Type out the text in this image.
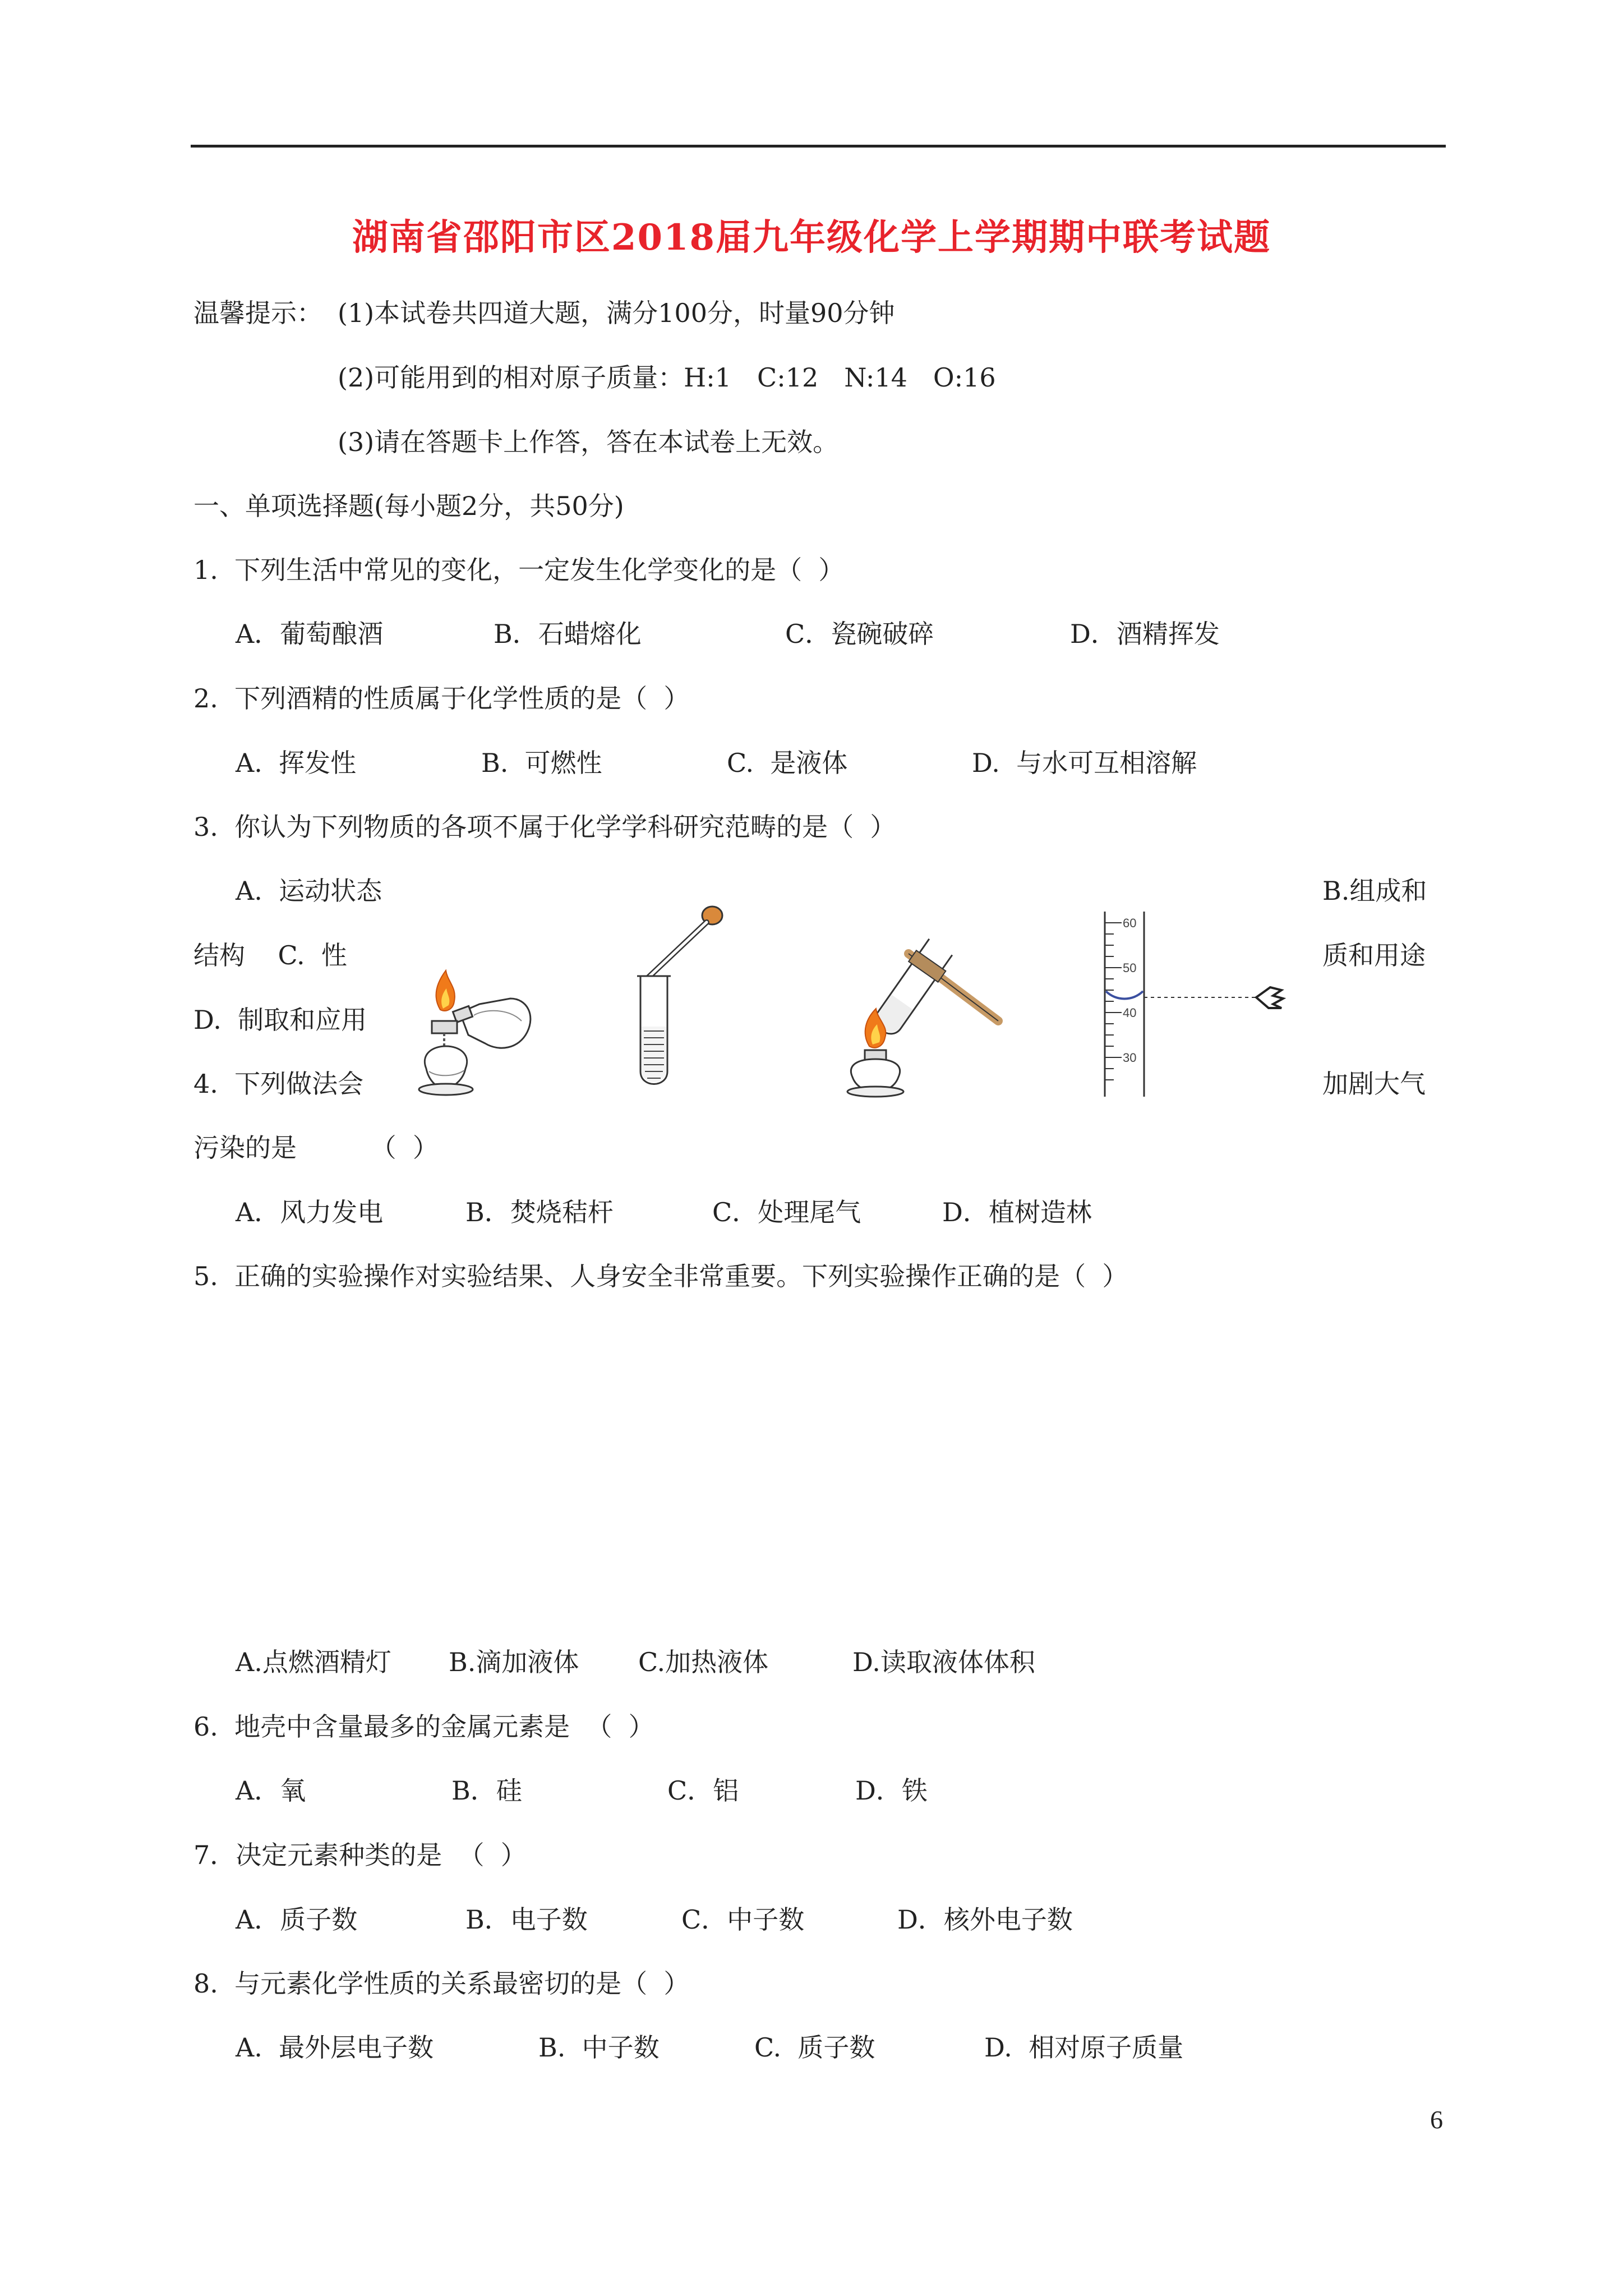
湖南省邵阳市区2018届九年级化学上学期期中联考试题
温馨提示： (1)本试卷共四道大题，满分100分，时量90分钟
(2)可能用到的相对原子质量：H:1　C:12　N:14　O:16
(3)请在答题卡上作答，答在本试卷上无效。
一、单项选择题(每小题2分，共50分)
1.  下列生活中常见的变化，一定发生化学变化的是（  ）
A．葡萄酿酒	B．石蜡熔化	C．瓷碗破碎	D．酒精挥发
2.  下列酒精的性质属于化学性质的是（  ）
A.  挥发性	B.  可燃性	C.  是液体	D.  与水可互相溶解
3.  你认为下列物质的各项不属于化学学科研究范畴的是（  ）
A.  运动状态	B.组成和
结构    C.  性	质和用途
D.  制取和应用
4.  下列做法会	加剧大气
污染的是         （  ）
A．风力发电	B．焚烧秸杆	C．处理尾气	D．植树造林
5.  正确的实验操作对实验结果、人身安全非常重要。下列实验操作正确的是（  ）
60
50
40
30
A.点燃酒精灯 B.滴加液体 C.加热液体	D.读取液体体积
6.  地壳中含量最多的金属元素是  （  ）
A．氧	B．硅	C．铝	D．铁
7．决定元素种类的是  （  ）
A．质子数	B．电子数	C．中子数	D．核外电子数
8.  与元素化学性质的关系最密切的是（  ）
A.  最外层电子数	B.  中子数	C.  质子数	D.  相对原子质量
6
